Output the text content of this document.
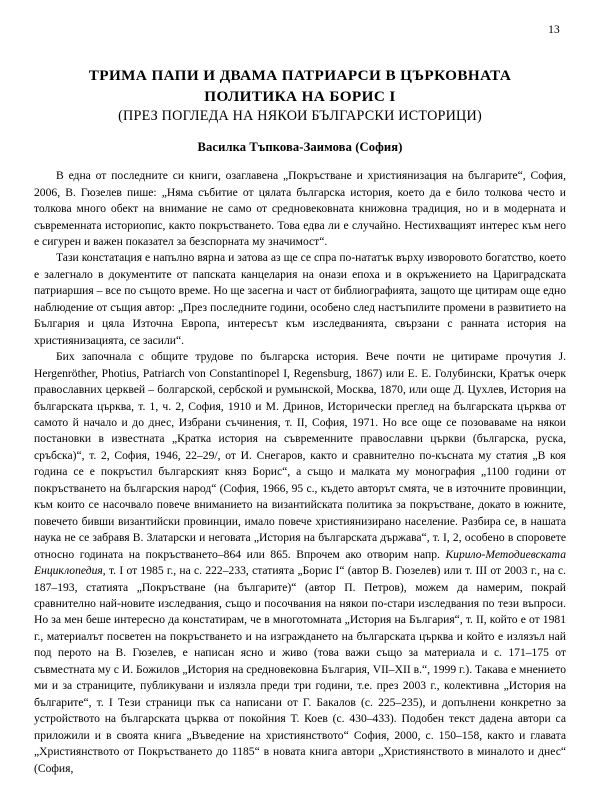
13
ТРИМА ПАПИ И ДВАМА ПАТРИАРСИ В ЦЪРКОВНАТА
ПОЛИТИКА НА БОРИС I
(ПРЕЗ ПОГЛЕДА НА НЯКОИ БЪЛГАРСКИ ИСТОРИЦИ)
Василка Тъпкова-Заимова (София)

В една от последните си книги, озаглавена „Покръстване и християнизация на българите“, София, 2006, В. Гюзелев пише: „Няма събитие от цялата българска история, което да е било толкова често и толкова много обект на внимание не само от средновековната книжовна традиция, но и в модерната и съвременната историопис, както покръстването. Това едва ли е случайно. Нестихващият интерес към него е сигурен и важен показател за безспорната му значимост“.

Тази констатация е напълно вярна и затова аз ще се спра по-нататък върху изворовото богатство, което е залегнало в документите от папската канцелария на онази епоха и в окръжението на Цариградската патриаршия – все по същото време. Но ще засегна и част от библиографията, защото ще цитирам още едно наблюдение от същия автор: „През последните години, особено след настъпилите промени в развитието на България и цяла Източна Европа, интересът към изследванията, свързани с ранната история на християнизацията, се засили“.

Бих започнала с общите трудове по българска история. Вече почти не цитираме прочутия J. Hergenröther, Photius, Patriarch von Constantinopel I, Regensburg, 1867) или Е. Е. Голубински, Кратък очерк православних церквей – болгарской, сербской и румынской, Москва, 1870, или още Д. Цухлев, История на българската църква, т. 1, ч. 2, София, 1910 и М. Дринов, Исторически преглед на българската църква от самото й начало и до днес, Избрани съчинения, т. II, София, 1971. Но все още се позоваваме на някои постановки в известната „Кратка история на съвременните православни църкви (българска, руска, сръбска)“, т. 2, София, 1946, 22–29/, от И. Снегаров, както и сравнително по-късната му статия „В коя година се е покръстил българският княз Борис“, а също и малката му монография „1100 години от покръстването на българския народ“ (София, 1966, 95 с., където авторът смята, че в източните провинции, към които се насочвало повече вниманието на византийската политика за покръстване, докато в южните, повечето бивши византийски провинции, имало повече християнизирано население. Разбира се, в нашата наука не се забравя В. Златарски и неговата „История на българската държава“, т. I, 2, особено в споровете относно годината на покръстването–864 или 865. Впрочем ако отворим напр. Кирило-Методиевската Енциклопедия, т. I от 1985 г., на с. 222–233, статията „Борис I“ (автор В. Гюзелев) или т. III от 2003 г., на с. 187–193, статията „Покръстване (на българите)“ (автор П. Петров), можем да намерим, покрай сравнително най-новите изследвания, също и посочвания на някои по-стари изследвания по тези въпроси. Но за мен беше интересно да констатирам, че в многотомната „История на България“, т. II, който е от 1981 г., материалът посветен на покръстването и на изграждането на българската църква и който е излязъл най под перото на В. Гюзелев, е написан ясно и живо (това важи също за материала и с. 171–175 от съвместната му с И. Божилов „История на средновековна България, VII–XII в.“, 1999 г.). Такава е мнението ми и за страниците, публикувани и излязла преди три години, т.е. през 2003 г., колективна „История на българите“, т. I Тези страници пък са написани от Г. Бакалов (с. 225–235), и допълнени конкретно за устройството на българската църква от покойния Т. Коев (с. 430–433). Подобен текст дадена автори са приложили и в своята книга „Въведение на християнството“ София, 2000, с. 150–158, както и главата „Християнството от Покръстването до 1185“ в новата книга автори „Християнството в миналото и днес“ (София,
